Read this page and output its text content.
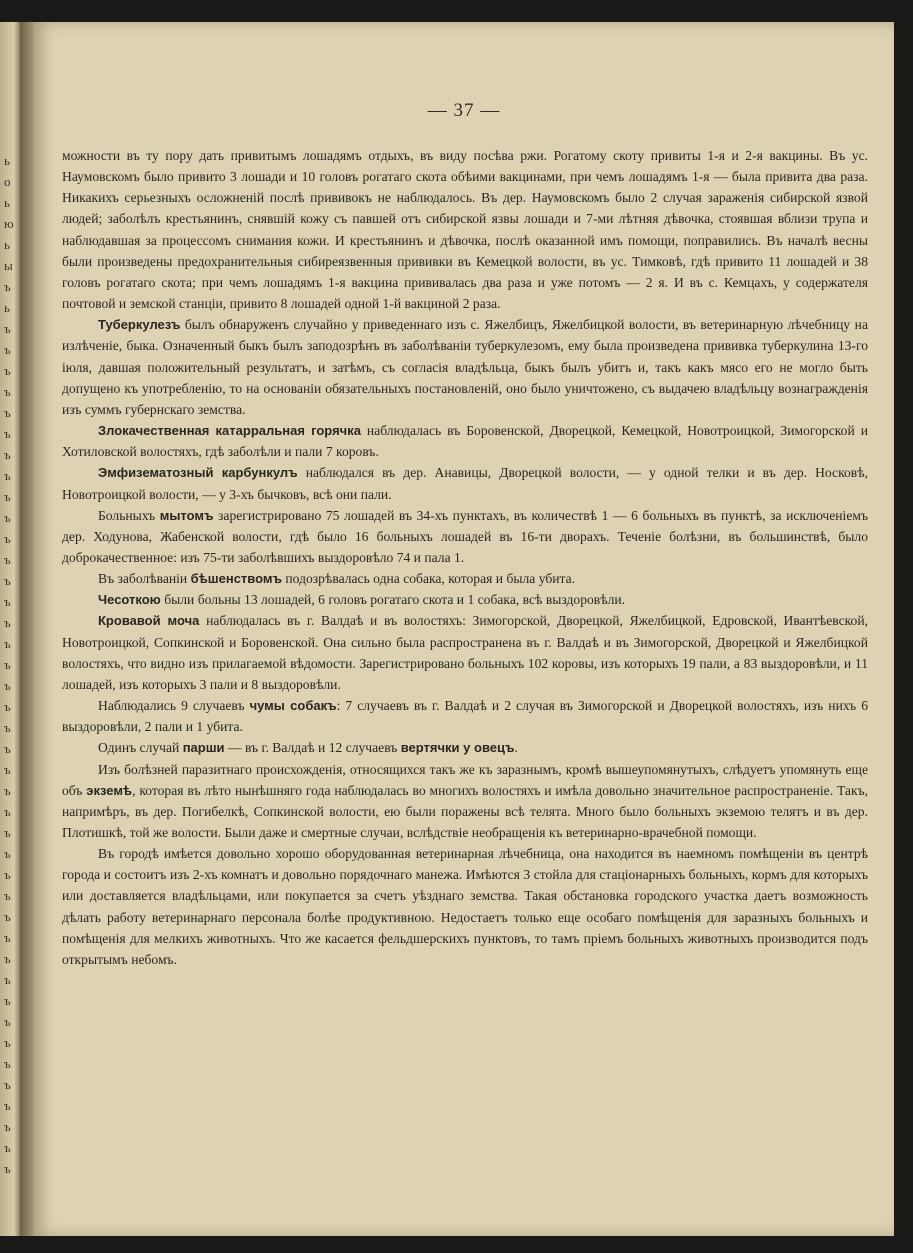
ь
о
ь
ю
ь
ы
ъ
ь
ъ
ъ
ъ
ъ
ъ
ъ
ъ
ъ
ъ
ъ
ъ
ъ
ъ
ъ
ъ
ъ
ъ
ъ
ъ
ъ
ъ
ъ
ъ
ъ
ъ
ъ
ъ
ъ
ъ
ъ
ъ
ъ
ъ
ъ
ъ
ъ
ъ
ъ
ъ
ъ
ъ
— 37 —

можности въ ту пору дать привитымъ лошадямъ отдыхъ, въ виду посѣва ржи. Рогатому скоту привиты 1-я и 2-я вакцины. Въ ус. Наумовскомъ было привито 3 лошади и 10 головъ рогатаго скота обѣими вакцинами, при чемъ лошадямъ 1-я — была привита два раза. Никакихъ серьезныхъ осложненій послѣ прививокъ не наблюдалось. Въ дер. Наумовскомъ было 2 случая зараженія сибирской язвой людей; заболѣлъ крестьянинъ, снявшій кожу съ павшей отъ сибирской язвы лошади и 7-ми лѣтняя дѣвочка, стоявшая вблизи трупа и наблюдавшая за процессомъ снимания кожи. И крестьянинъ и дѣвочка, послѣ оказанной имъ помощи, поправились. Въ началѣ весны были произведены предохранительныя сибиреязвенныя прививки въ Кемецкой волости, въ ус. Тимковѣ, гдѣ привито 11 лошадей и 38 головъ рогатаго скота; при чемъ лошадямъ 1-я вакцина прививалась два раза и уже потомъ — 2 я. И въ с. Кемцахъ, у содержателя почтовой и земской станціи, привито 8 лошадей одной 1-й вакциной 2 раза.

Туберкулезъ былъ обнаруженъ случайно у приведеннаго изъ с. Яжелбицъ, Яжелбицкой волости, въ ветеринарную лѣчебницу на излѣченіе, быка. Означенный быкъ былъ заподозрѣнъ въ заболѣваніи туберкулезомъ, ему была произведена прививка туберкулина 13-го іюля, давшая положительный результатъ, и затѣмъ, съ согласія владѣльца, быкъ былъ убитъ и, такъ какъ мясо его не могло быть допущено къ употребленію, то на основаніи обязательныхъ постановленій, оно было уничтожено, съ выдачею владѣльцу вознагражденія изъ суммъ губернскаго земства.

Злокачественная катарральная горячка наблюдалась въ Боровенской, Дворецкой, Кемецкой, Новотроицкой, Зимогорской и Хотиловской волостяхъ, гдѣ заболѣли и пали 7 коровъ.

Эмфизематозный карбункулъ наблюдался въ дер. Анавицы, Дворецкой волости, — у одной телки и въ дер. Носковѣ, Новотроицкой волости, — у 3-хъ бычковъ, всѣ они пали.

Больныхъ мытомъ зарегистрировано 75 лошадей въ 34-хъ пунктахъ, въ количествѣ 1 — 6 больныхъ въ пунктѣ, за исключеніемъ дер. Ходунова, Жабенской волости, гдѣ было 16 больныхъ лошадей въ 16-ти дворахъ. Теченіе болѣзни, въ большинствѣ, было доброкачественное: изъ 75-ти заболѣвшихъ выздоровѣло 74 и пала 1.

Въ заболѣваніи бѣшенствомъ подозрѣвалась одна собака, которая и была убита.

Чесоткою были больны 13 лошадей, 6 головъ рогатаго скота и 1 собака, всѣ выздоровѣли.

Кровавой моча наблюдалась въ г. Валдаѣ и въ волостяхъ: Зимогорской, Дворецкой, Яжелбицкой, Едровской, Ивантѣевской, Новотроицкой, Сопкинской и Боровенской. Она сильно была распространена въ г. Валдаѣ и въ Зимогорской, Дворецкой и Яжелбицкой волостяхъ, что видно изъ прилагаемой вѣдомости. Зарегистрировано больныхъ 102 коровы, изъ которыхъ 19 пали, а 83 выздоровѣли, и 11 лошадей, изъ которыхъ 3 пали и 8 выздоровѣли.

Наблюдались 9 случаевъ чумы собакъ: 7 случаевъ въ г. Валдаѣ и 2 случая въ Зимогорской и Дворецкой волостяхъ, изъ нихъ 6 выздоровѣли, 2 пали и 1 убита.

Одинъ случай парши — въ г. Валдаѣ и 12 случаевъ вертячки у овецъ.

Изъ болѣзней паразитнаго происхожденія, относящихся такъ же къ заразнымъ, кромѣ вышеупомянутыхъ, слѣдуетъ упомянуть еще объ экземѣ, которая въ лѣто нынѣшняго года наблюдалась во многихъ волостяхъ и имѣла довольно значительное распространеніе. Такъ, напримѣръ, въ дер. Погибелкѣ, Сопкинской волости, ею были поражены всѣ телята. Много было больныхъ экземою телятъ и въ дер. Плотишкѣ, той же волости. Были даже и смертные случаи, вслѣдствіе необращенія къ ветеринарно-врачебной помощи.

Въ городѣ имѣется довольно хорошо оборудованная ветеринарная лѣчебница, она находится въ наемномъ помѣщеніи въ центрѣ города и состоитъ изъ 2-хъ комнатъ и довольно порядочнаго манежа. Имѣются 3 стойла для стаціонарныхъ больныхъ, кормъ для которыхъ или доставляется владѣльцами, или покупается за счетъ уѣзднаго земства. Такая обстановка городского участка даетъ возможность дѣлать работу ветеринарнаго персонала болѣе продуктивною. Недостаетъ только еще особаго помѣщенія для заразныхъ больныхъ и помѣщенія для мелкихъ животныхъ. Что же касается фельдшерскихъ пунктовъ, то тамъ пріемъ больныхъ животныхъ производится подъ открытымъ небомъ.
